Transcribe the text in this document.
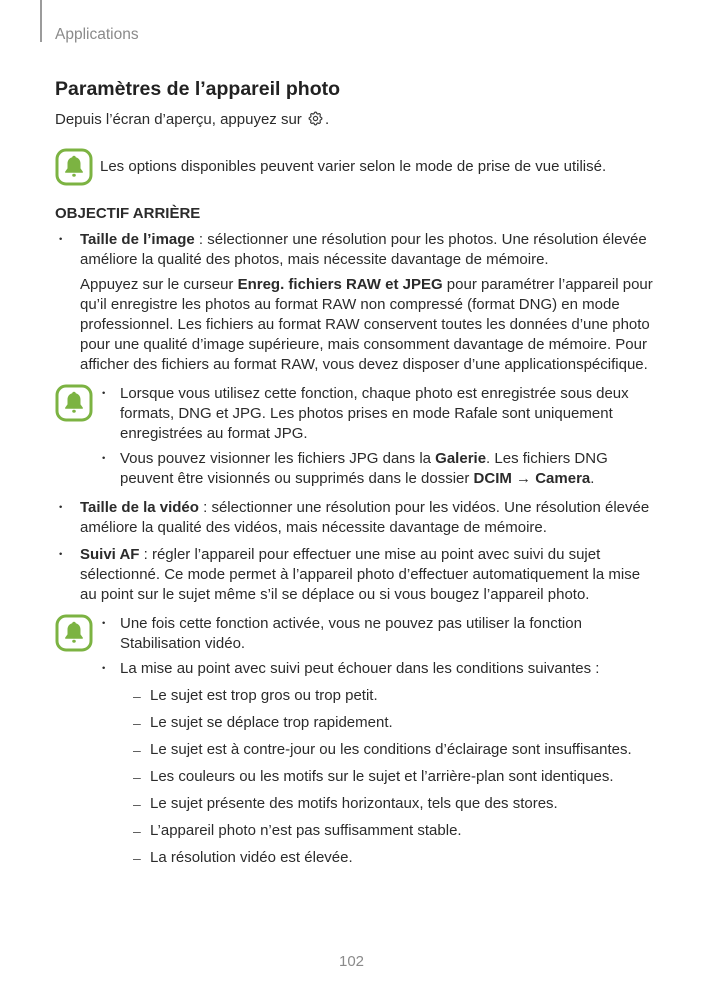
Applications
Paramètres de l’appareil photo

Depuis l’écran d’aperçu, appuyez sur .

Les options disponibles peuvent varier selon le mode de prise de vue utilisé.
OBJECTIF ARRIÈRE
•	Taille de l’image : sélectionner une résolution pour les photos. Une résolution élevée améliore la qualité des photos, mais nécessite davantage de mémoire.

Appuyez sur le curseur Enreg. fichiers RAW et JPEG pour paramétrer l’appareil pour qu’il enregistre les photos au format RAW non compressé (format DNG) en mode professionnel. Les fichiers au format RAW conservent toutes les données d’une photo pour une qualité d’image supérieure, mais consomment davantage de mémoire. Pour afficher des fichiers au format RAW, vous devez disposer d’une applicationspécifique.

• Lorsque vous utilisez cette fonction, chaque photo est enregistrée sous deux formats, DNG et JPG. Les photos prises en mode Rafale sont uniquement enregistrées au format JPG.
• Vous pouvez visionner les fichiers JPG dans la Galerie. Les fichiers DNG peuvent être visionnés ou supprimés dans le dossier DCIM → Camera.
•	Taille de la vidéo : sélectionner une résolution pour les vidéos. Une résolution élevée améliore la qualité des vidéos, mais nécessite davantage de mémoire.
•	Suivi AF : régler l’appareil pour effectuer une mise au point avec suivi du sujet sélectionné. Ce mode permet à l’appareil photo d’effectuer automatiquement la mise au point sur le sujet même s’il se déplace ou si vous bougez l’appareil photo.
• Une fois cette fonction activée, vous ne pouvez pas utiliser la fonction Stabilisation vidéo.
• La mise au point avec suivi peut échouer dans les conditions suivantes :
– Le sujet est trop gros ou trop petit.
– Le sujet se déplace trop rapidement.
– Le sujet est à contre-jour ou les conditions d’éclairage sont insuffisantes.
– Les couleurs ou les motifs sur le sujet et l’arrière-plan sont identiques.
– Le sujet présente des motifs horizontaux, tels que des stores.
– L’appareil photo n’est pas suffisamment stable.
– La résolution vidéo est élevée.
102
